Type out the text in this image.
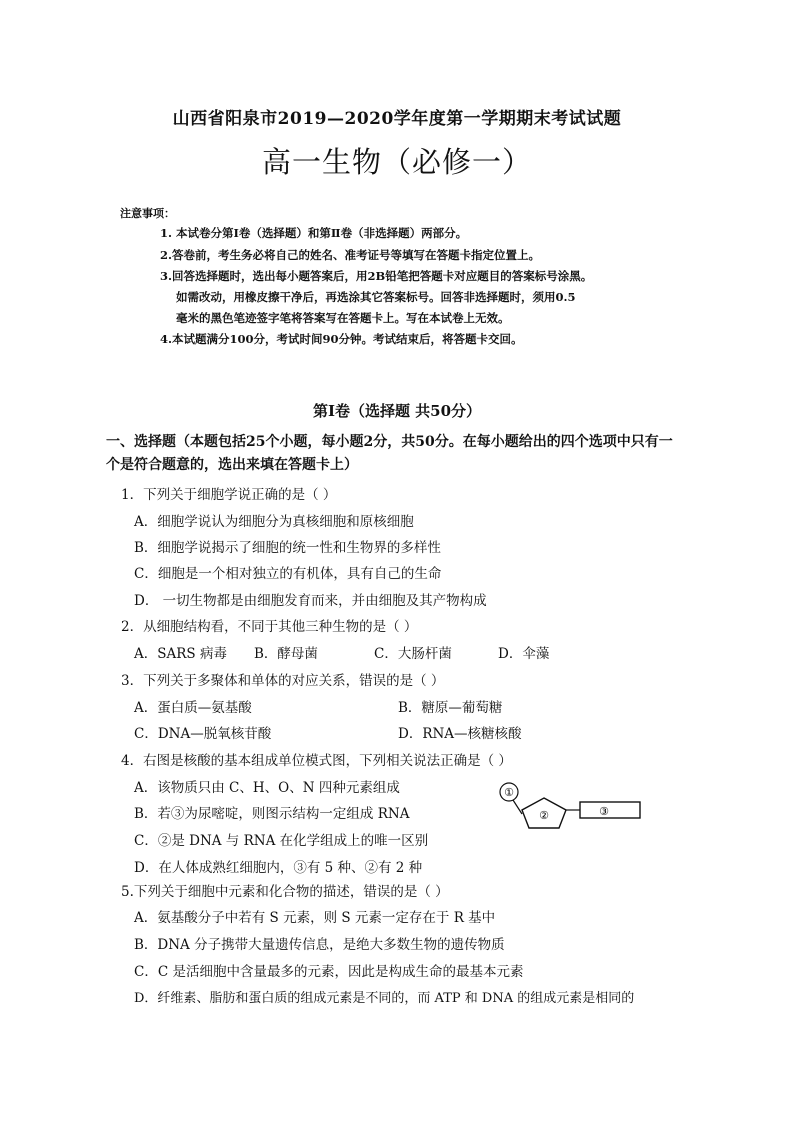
山西省阳泉市2019—2020学年度第一学期期末考试试题
高一生物（必修一）
注意事项：
1. 本试卷分第Ⅰ卷（选择题）和第Ⅱ卷（非选择题）两部分。
2.答卷前，考生务必将自己的姓名、准考证号等填写在答题卡指定位置上。
3.回答选择题时，选出每小题答案后，用2B铅笔把答题卡对应题目的答案标号涂黑。
如需改动，用橡皮擦干净后，再选涂其它答案标号。回答非选择题时，须用0.5
毫米的黑色笔迹签字笔将答案写在答题卡上。写在本试卷上无效。
4.本试题满分100分，考试时间90分钟。考试结束后，将答题卡交回。
第Ⅰ卷（选择题 共50分）
一、选择题（本题包括25个小题，每小题2分，共50分。在每小题给出的四个选项中只有一个是符合题意的，选出来填在答题卡上）
1．下列关于细胞学说正确的是（ ）
A．细胞学说认为细胞分为真核细胞和原核细胞
B．细胞学说揭示了细胞的统一性和生物界的多样性
C．细胞是一个相对独立的有机体，具有自己的生命
D． 一切生物都是由细胞发育而来，并由细胞及其产物构成
2．从细胞结构看，不同于其他三种生物的是（ ）
A．SARS 病毒 B．酵母菌	C．大肠杆菌	D．伞藻
3．下列关于多聚体和单体的对应关系，错误的是（ ）
A．蛋白质—氨基酸	B．糖原—葡萄糖
C．DNA—脱氧核苷酸	D．RNA—核糖核酸
4．右图是核酸的基本组成单位模式图，下列相关说法正确是（ ）
A．该物质只由 C、H、O、N 四种元素组成
B．若③为尿嘧啶，则图示结构一定组成 RNA
C．②是 DNA 与 RNA 在化学组成上的唯一区别
D．在人体成熟红细胞内，③有 5 种、②有 2 种
①
②	③
5.下列关于细胞中元素和化合物的描述，错误的是（ ）
A．氨基酸分子中若有 S 元素，则 S 元素一定存在于 R 基中
B．DNA 分子携带大量遗传信息，是绝大多数生物的遗传物质
C．C 是活细胞中含量最多的元素，因此是构成生命的最基本元素
D．纤维素、脂肪和蛋白质的组成元素是不同的，而 ATP 和 DNA 的组成元素是相同的
